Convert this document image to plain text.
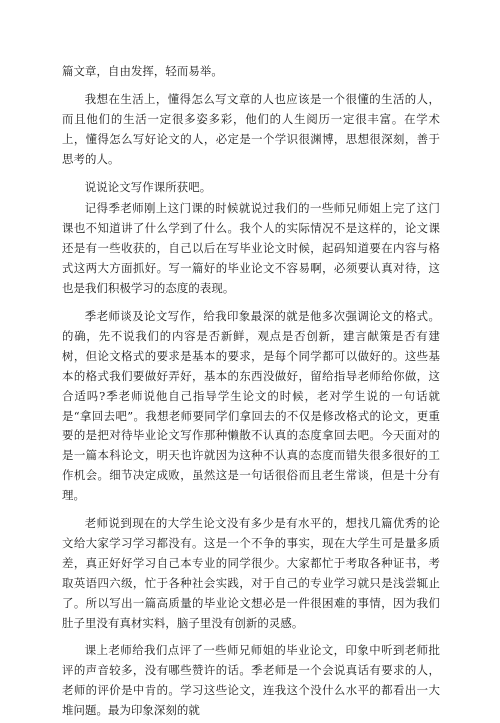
篇文章，自由发挥，轻而易举。

我想在生活上，懂得怎么写文章的人也应该是一个很懂的生活的人，而且他们的生活一定很多姿多彩，他们的人生阅历一定很丰富。在学术上，懂得怎么写好论文的人，必定是一个学识很渊博，思想很深刻，善于思考的人。

说说论文写作课所获吧。

记得季老师刚上这门课的时候就说过我们的一些师兄师姐上完了这门课也不知道讲了什么学到了什么。我个人的实际情况不是这样的，论文课还是有一些收获的，自己以后在写毕业论文时候，起码知道要在内容与格式这两大方面抓好。写一篇好的毕业论文不容易啊，必须要认真对待，这也是我们积极学习的态度的表现。

季老师谈及论文写作，给我印象最深的就是他多次强调论文的格式。的确，先不说我们的内容是否新鲜，观点是否创新，建言献策是否有建树，但论文格式的要求是基本的要求，是每个同学都可以做好的。这些基本的格式我们要做好弄好，基本的东西没做好，留给指导老师给你做，这合适吗?季老师说他自己指导学生论文的时候，老对学生说的一句话就是“拿回去吧”。我想老师要同学们拿回去的不仅是修改格式的论文，更重要的是把对待毕业论文写作那种懒散不认真的态度拿回去吧。今天面对的是一篇本科论文，明天也许就因为这种不认真的态度而错失很多很好的工作机会。细节决定成败，虽然这是一句话很俗而且老生常谈，但是十分有理。

老师说到现在的大学生论文没有多少是有水平的，想找几篇优秀的论文给大家学习学习都没有。这是一个不争的事实，现在大学生可是量多质差，真正好好学习自己本专业的同学很少。大家都忙于考取各种证书，考取英语四六级，忙于各种社会实践，对于自己的专业学习就只是浅尝辄止了。所以写出一篇高质量的毕业论文想必是一件很困难的事情，因为我们肚子里没有真材实料，脑子里没有创新的灵感。

课上老师给我们点评了一些师兄师姐的毕业论文，印象中听到老师批评的声音较多，没有哪些赞许的话。季老师是一个会说真话有要求的人，老师的评价是中肯的。学习这些论文，连我这个没什么水平的都看出一大堆问题。最为印象深刻的就
